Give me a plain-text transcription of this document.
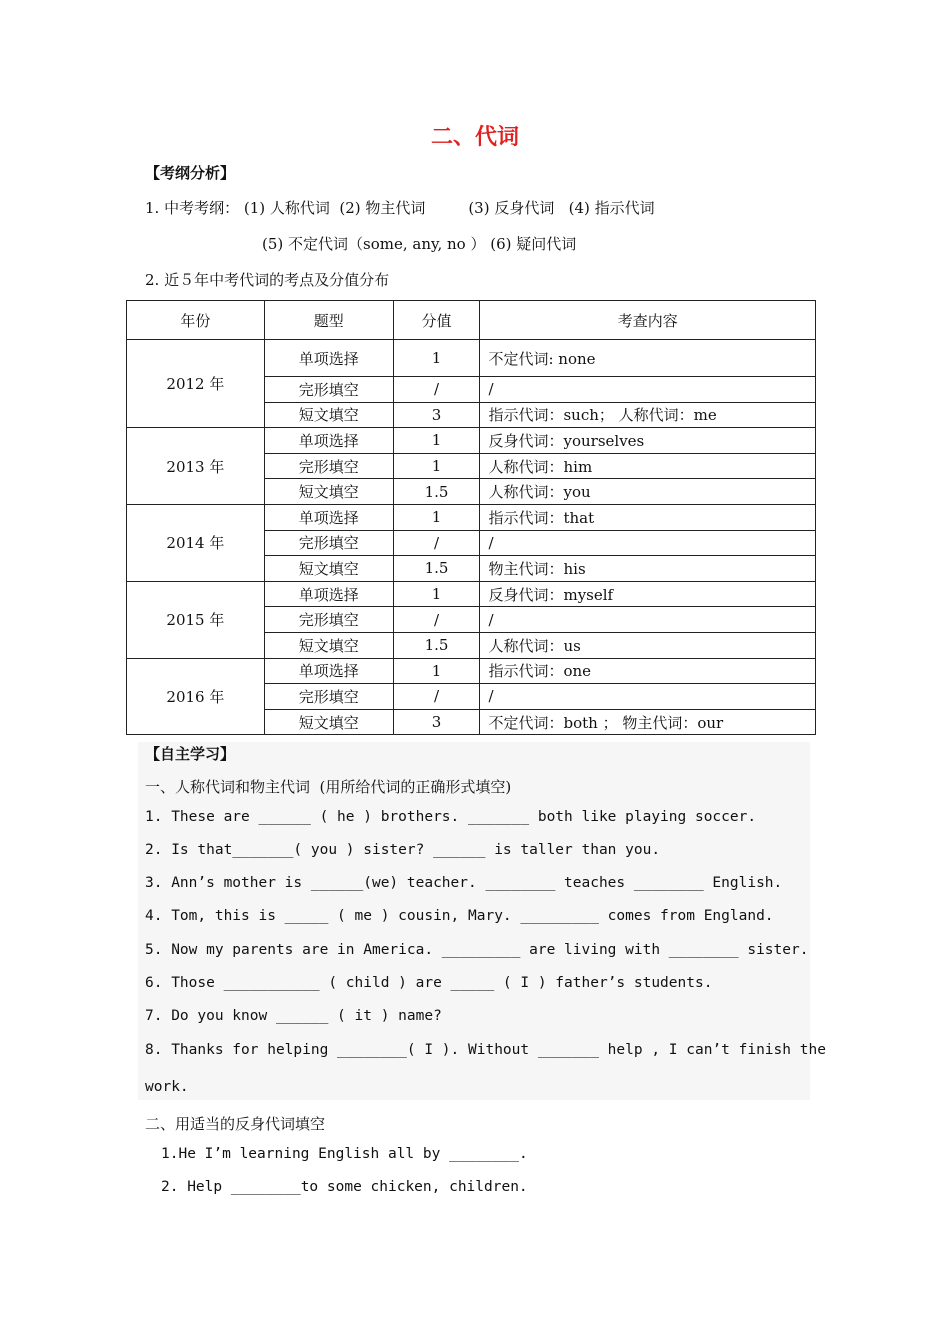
二、代词
【考纲分析】
1. 中考考纲： (1) 人称代词  (2) 物主代词         (3) 反身代词   (4) 指示代词
(5) 不定代词（some, any, no ） (6) 疑问代词
2. 近５年中考代词的考点及分值分布
年份	题型	分值	考查内容
2012 年	单项选择	1	不定代词: none
	完形填空	/	/
	短文填空	3	指示代词：such； 人称代词：me
2013 年	单项选择	1	反身代词：yourselves
	完形填空	1	人称代词：him
	短文填空	1.5	人称代词：you
2014 年	单项选择	1	指示代词：that
	完形填空	/	/
	短文填空	1.5	物主代词：his
2015 年	单项选择	1	反身代词：myself
	完形填空	/	/
	短文填空	1.5	人称代词：us
2016 年	单项选择	1	指示代词：one
	完形填空	/	/
	短文填空	3	不定代词：both ； 物主代词：our
【自主学习】
一、人称代词和物主代词  (用所给代词的正确形式填空)
1. These are ______ ( he ) brothers. _______ both like playing soccer.
2. Is that_______( you ) sister? ______ is taller than you.
3. Ann’s mother is ______(we) teacher. ________ teaches ________ English.
4. Tom, this is _____ ( me ) cousin, Mary. _________ comes from England.
5. Now my parents are in America. _________ are living with ________ sister.
6. Those ___________ ( child ) are _____ ( I ) father’s students.
7. Do you know ______ ( it ) name?
8. Thanks for helping ________( I ). Without _______ help , I can’t finish the
work.
二、用适当的反身代词填空
1.He I’m learning English all by ________.
2. Help ________to some chicken, children.
